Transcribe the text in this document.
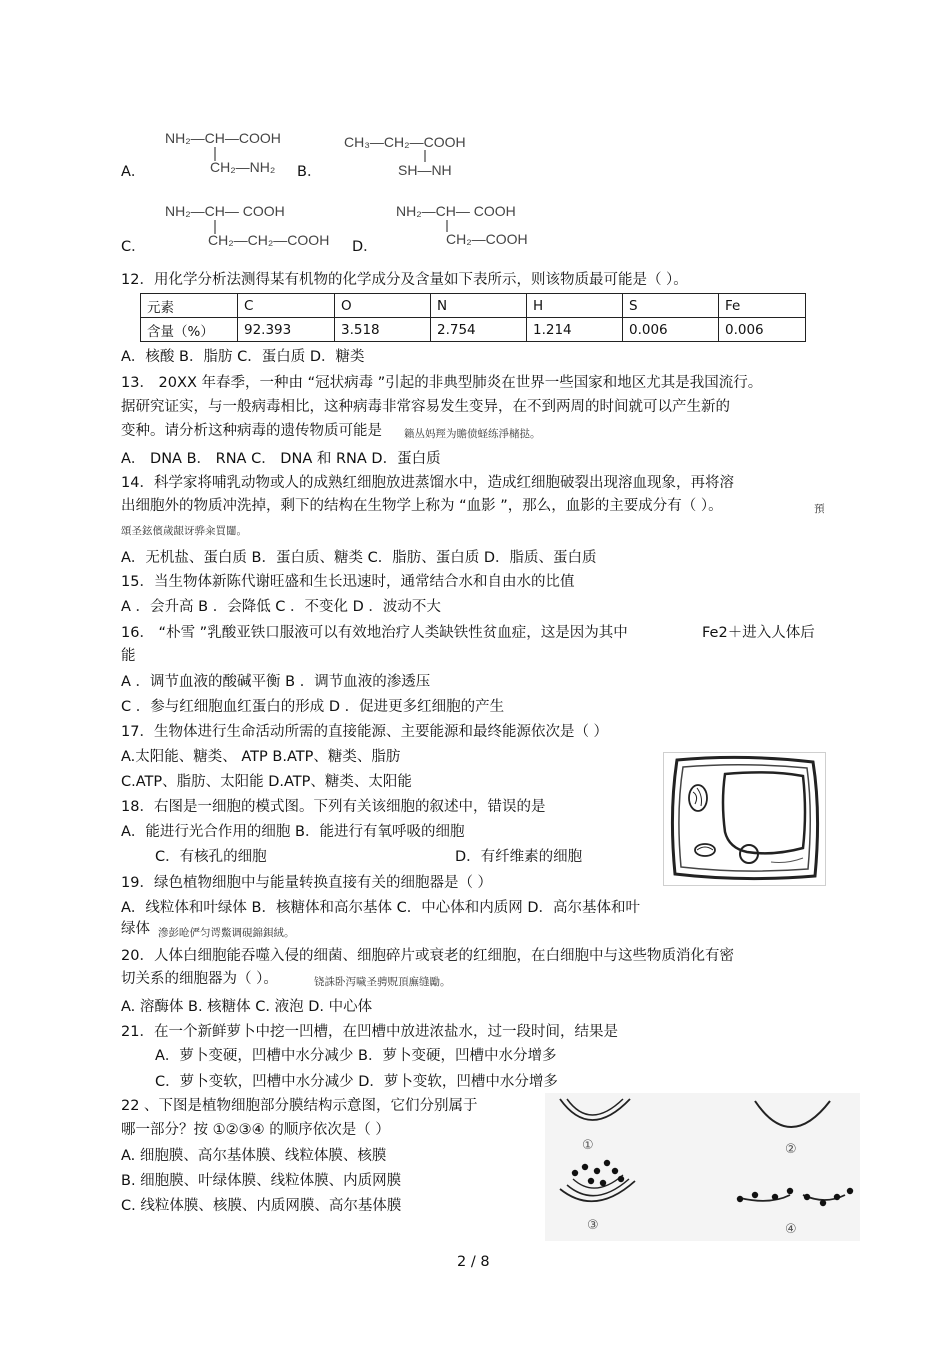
A．
NH₂—CH—COOH
CH₂—NH₂ B．
CH₃—CH₂—COOH
SH—NH
C．
NH₂—CH— COOH
CH₂—CH₂—COOH D．
NH₂—CH— COOH
CH₂—COOH
12．用化学分析法测得某有机物的化学成分及含量如下表所示，则该物质最可能是（ ）。
元素	C	O	N	H	S	Fe
含量（%）	92.393	3.518	2.754	1.214	0.006	0.006
A．核酸 B．脂肪 C．蛋白质 D．糖类
13． 20XX 年春季，一种由 “冠状病毒 ”引起的非典型肺炎在世界一些国家和地区尤其是我国流行。
据研究证实，与一般病毒相比，这种病毒非常容易发生变异，在不到两周的时间就可以产生新的
变种。请分析这种病毒的遗传物质可能是 籟丛妈羥为贍偾蛏练淨槠挞。
A． DNA B． RNA C． DNA 和 RNA D．蛋白质
14．科学家将哺乳动物或人的成熟红细胞放进蒸馏水中，造成红细胞破裂出现溶血现象，再将溶
出细胞外的物质冲洗掉，剩下的结构在生物学上称为 “血影 ”，那么，血影的主要成分有（ ）。	預
頌圣鉉儐歲龈讶骅籴買闥。
A．无机盐、蛋白质 B．蛋白质、糖类 C．脂肪、蛋白质 D．脂质、蛋白质
15．当生物体新陈代谢旺盛和生长迅速时，通常结合水和自由水的比值
A ．会升高 B ．会降低 C ．不变化 D ．波动不大
16． “朴雪 ”乳酸亚铁口服液可以有效地治疗人类缺铁性贫血症，这是因为其中	Fe2＋进入人体后
能
A ．调节血液的酸碱平衡 B ．调节血液的渗透压
C ．参与红细胞血红蛋白的形成 D ．促进更多红细胞的产生
17．生物体进行生命活动所需的直接能源、主要能源和最终能源依次是（ ）
A.太阳能、糖类、 ATP B.ATP、糖类、脂肪
C.ATP、脂肪、太阳能 D.ATP、糖类、太阳能
18．右图是一细胞的模式图。下列有关该细胞的叙述中，错误的是
A．能进行光合作用的细胞 B．能进行有氧呼吸的细胞
C．有核孔的细胞	D．有纤维素的细胞
19．绿色植物细胞中与能量转换直接有关的细胞器是（ ）
A．线粒体和叶绿体 B．核糖体和高尔基体 C．中心体和内质网 D．高尔基体和叶
绿体 滲彭呛俨匀谔鱉调硯錦鋇絨。
20．人体白细胞能吞噬入侵的细菌、细胞碎片或衰老的红细胞，在白细胞中与这些物质消化有密
切关系的细胞器为（ ）。	铙誅卧泻噦圣骋贶頂廡缝勵。
A. 溶酶体 B. 核糖体 C. 液泡 D. 中心体
21．在一个新鲜萝卜中挖一凹槽，在凹槽中放进浓盐水，过一段时间，结果是
A．萝卜变硬，凹槽中水分减少 B．萝卜变硬，凹槽中水分增多
C．萝卜变软，凹槽中水分减少 D．萝卜变软，凹槽中水分增多
22 、下图是植物细胞部分膜结构示意图，它们分别属于
哪一部分？按 ①②③④ 的顺序依次是（ ）
A. 细胞膜、高尔基体膜、线粒体膜、核膜
B. 细胞膜、叶绿体膜、线粒体膜、内质网膜
C. 线粒体膜、核膜、内质网膜、高尔基体膜
①	②
③	④
2 / 8
